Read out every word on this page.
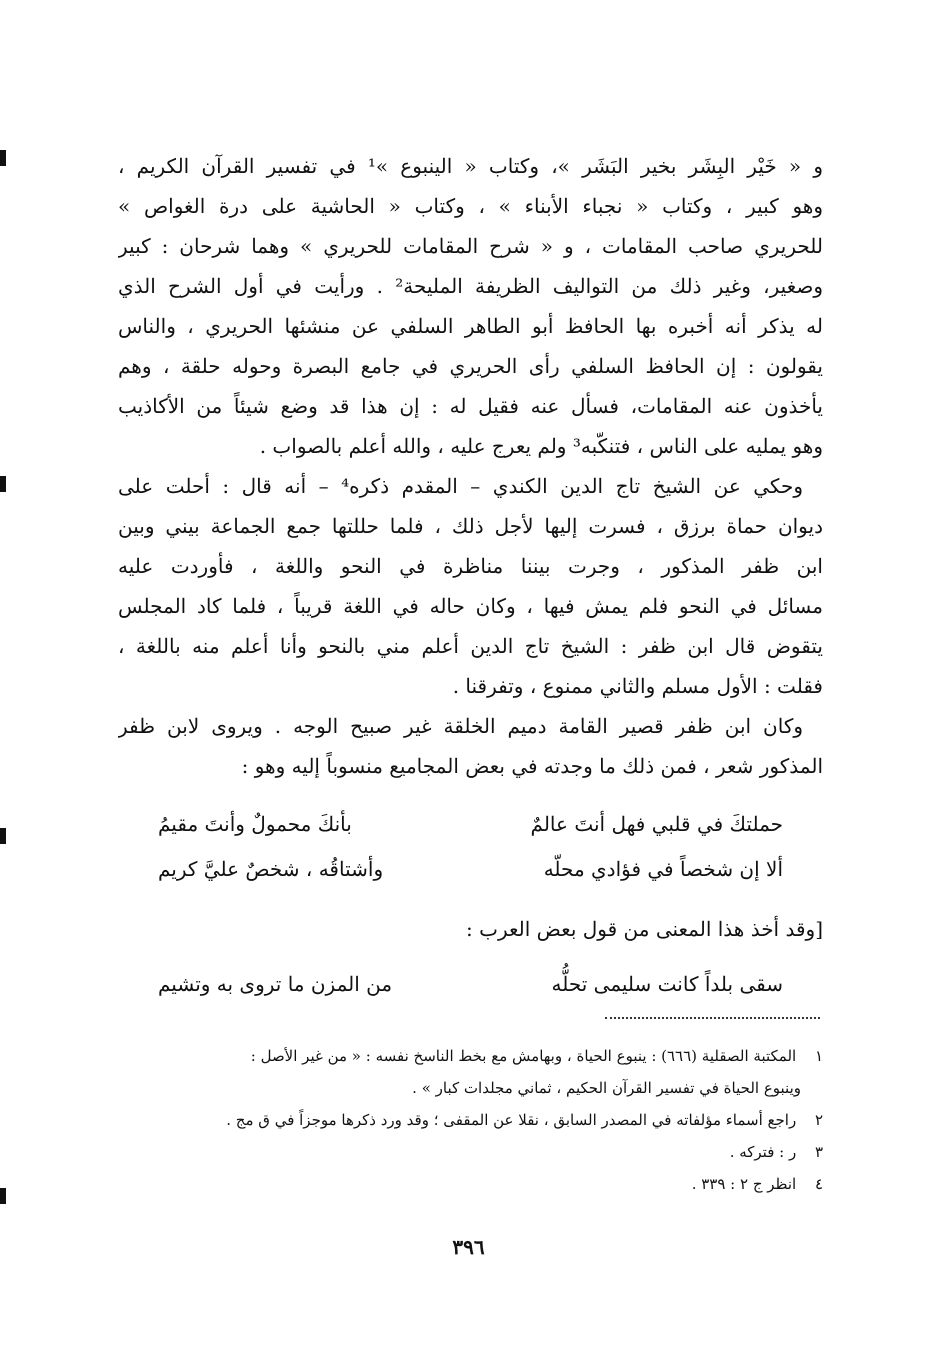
و « خَيْر البِشَر بخير البَشَر »، وكتاب « الينبوع »¹ في تفسير القرآن الكريم ،
وهو كبير ، وكتاب « نجباء الأبناء » ، وكتاب « الحاشية على درة الغواص »
للحريري صاحب المقامات ، و « شرح المقامات للحريري » وهما شرحان : كبير
وصغير، وغير ذلك من التواليف الظريفة المليحة² . ورأيت في أول الشرح الذي
له يذكر أنه أخبره بها الحافظ أبو الطاهر السلفي عن منشئها الحريري ، والناس
يقولون : إن الحافظ السلفي رأى الحريري في جامع البصرة وحوله حلقة ، وهم
يأخذون عنه المقامات، فسأل عنه فقيل له : إن هذا قد وضع شيئاً من الأكاذيب
وهو يمليه على الناس ، فتنكّبه³ ولم يعرج عليه ، والله أعلم بالصواب .
وحكي عن الشيخ تاج الدين الكندي – المقدم ذكره⁴ – أنه قال : أحلت على
ديوان حماة برزق ، فسرت إليها لأجل ذلك ، فلما حللتها جمع الجماعة بيني وبين
ابن ظفر المذكور ، وجرت بيننا مناظرة في النحو واللغة ، فأوردت عليه
مسائل في النحو فلم يمش فيها ، وكان حاله في اللغة قريباً ، فلما كاد المجلس
يتقوض قال ابن ظفر : الشيخ تاج الدين أعلم مني بالنحو وأنا أعلم منه باللغة ،
فقلت : الأول مسلم والثاني ممنوع ، وتفرقنا .
وكان ابن ظفر قصير القامة دميم الخلقة غير صبيح الوجه . ويروى لابن ظفر
المذكور شعر ، فمن ذلك ما وجدته في بعض المجاميع منسوباً إليه وهو :
حملتكَ في قلبي فهل أنتَ عالمٌ
بأنكَ محمولٌ وأنتَ مقيمُ
ألا إن شخصاً في فؤادي محلّه
وأشتاقُه ، شخصٌ عليَّ كريم
[وقد أخذ هذا المعنى من قول بعض العرب :
سقى بلداً كانت سليمى تحلُّه
من المزن ما تروى به وتشيم
١ المكتبة الصقلية (٦٦٦) : ينبوع الحياة ، وبهامش مع بخط الناسخ نفسه : « من غير الأصل :
وينبوع الحياة في تفسير القرآن الحكيم ، ثماني مجلدات كبار » .
٢ راجع أسماء مؤلفاته في المصدر السابق ، نقلا عن المقفى ؛ وقد ورد ذكرها موجزاً في ق مج .
٣ ر : فتركه .
٤ انظر ج ٢ : ٣٣٩ .
٣٩٦
